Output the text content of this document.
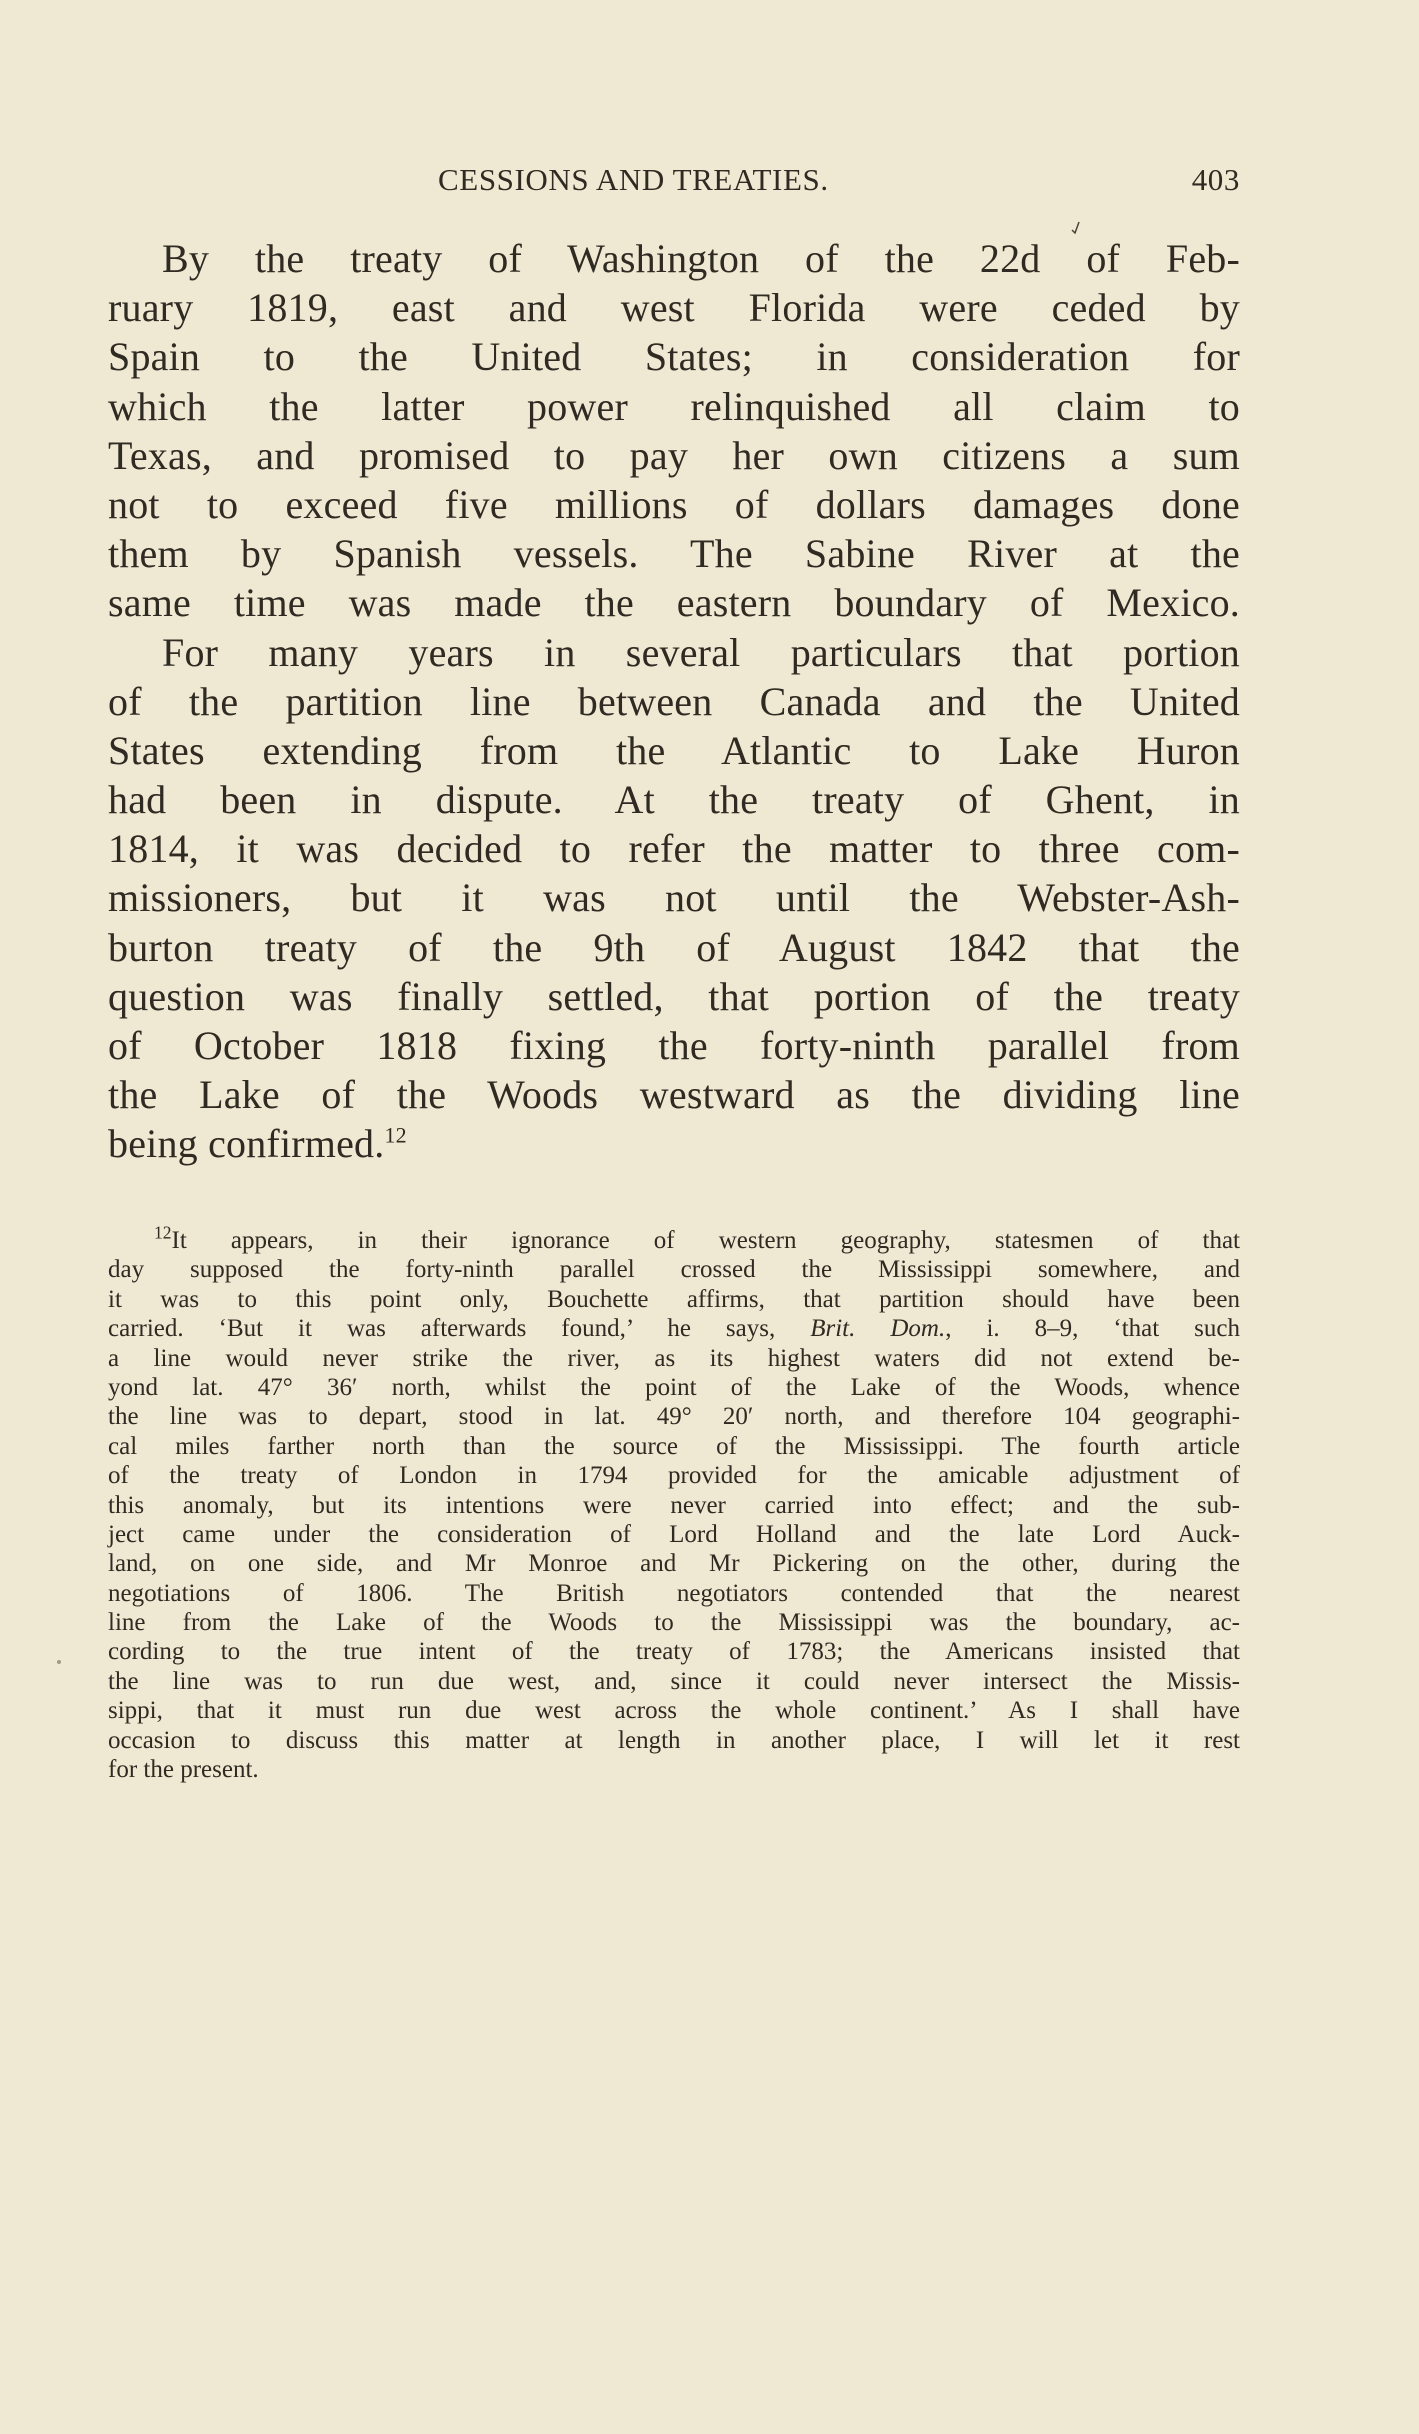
CESSIONS AND TREATIES.	403
By the treaty of Washington of the 22d of Feb-
ruary 1819, east and west Florida were ceded by
Spain to the United States; in consideration for
which the latter power relinquished all claim to
Texas, and promised to pay her own citizens a sum
not to exceed five millions of dollars damages done
them by Spanish vessels. The Sabine River at the
same time was made the eastern boundary of Mexico.
For many years in several particulars that portion
of the partition line between Canada and the United
States extending from the Atlantic to Lake Huron
had been in dispute. At the treaty of Ghent, in
1814, it was decided to refer the matter to three com-
missioners, but it was not until the Webster-Ash-
burton treaty of the 9th of August 1842 that the
question was finally settled, that portion of the treaty
of October 1818 fixing the forty-ninth parallel from
the Lake of the Woods westward as the dividing line
being confirmed.$^{12}$
$^{12}$It appears, in their ignorance of western geography, statesmen of that
day supposed the forty-ninth parallel crossed the Mississippi somewhere, and
it was to this point only, Bouchette affirms, that partition should have been
carried. ‘But it was afterwards found,’ he says, Brit. Dom., i. 8–9, ‘that such
a line would never strike the river, as its highest waters did not extend be-
yond lat. 47° 36′ north, whilst the point of the Lake of the Woods, whence
the line was to depart, stood in lat. 49° 20′ north, and therefore 104 geographi-
cal miles farther north than the source of the Mississippi. The fourth article
of the treaty of London in 1794 provided for the amicable adjustment of
this anomaly, but its intentions were never carried into effect; and the sub-
ject came under the consideration of Lord Holland and the late Lord Auck-
land, on one side, and Mr Monroe and Mr Pickering on the other, during the
negotiations of 1806. The British negotiators contended that the nearest
line from the Lake of the Woods to the Mississippi was the boundary, ac-
cording to the true intent of the treaty of 1783; the Americans insisted that
the line was to run due west, and, since it could never intersect the Missis-
sippi, that it must run due west across the whole continent.’ As I shall have
occasion to discuss this matter at length in another place, I will let it rest
for the present.
